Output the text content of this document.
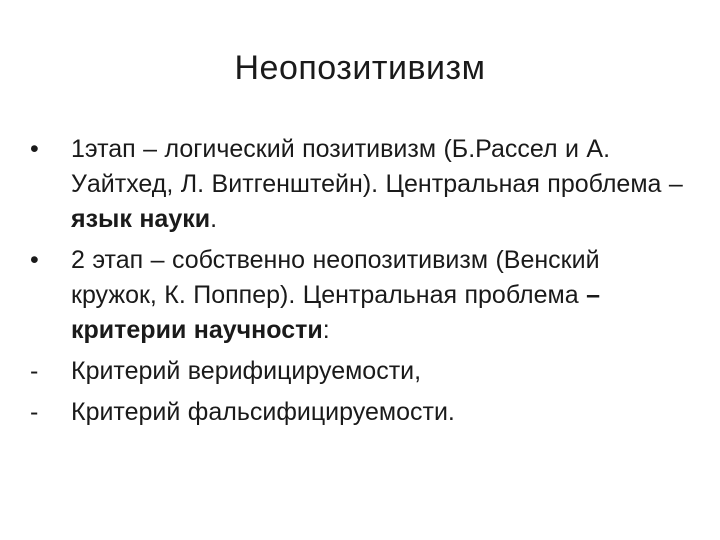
Неопозитивизм
•	1этап – логический позитивизм (Б.Рассел и А. Уайтхед, Л. Витгенштейн). Центральная проблема – язык науки.
•	2 этап – собственно неопозитивизм (Венский кружок, К. Поппер). Центральная проблема – критерии научности:
-	Критерий верифицируемости,
-	Критерий фальсифицируемости.
